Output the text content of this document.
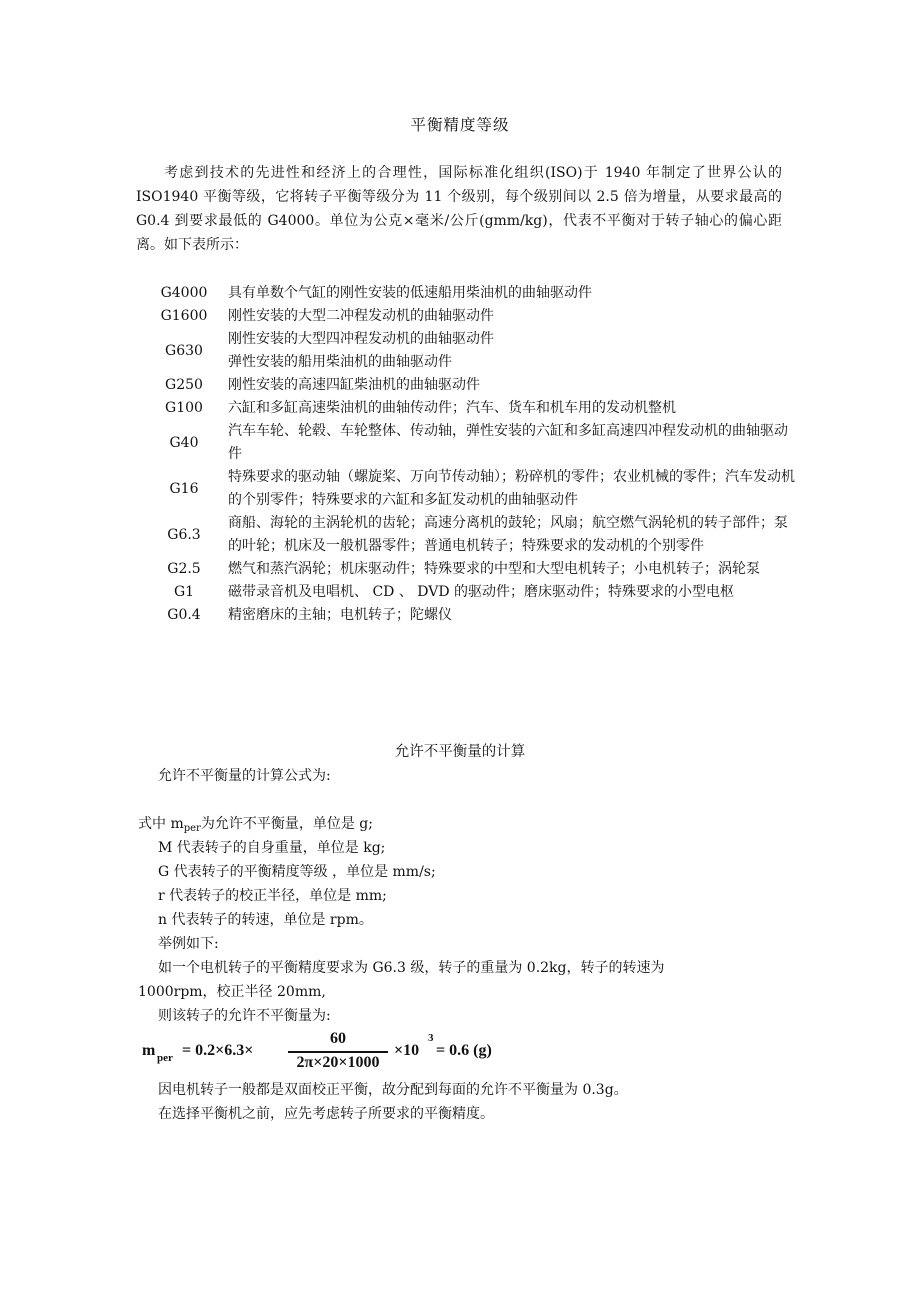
平衡精度等级

考虑到技术的先进性和经济上的合理性，国际标准化组织(ISO)于 1940 年制定了世界公认的 ISO1940 平衡等级，它将转子平衡等级分为 11 个级别，每个级别间以 2.5 倍为增量，从要求最高的 G0.4 到要求最低的 G4000。单位为公克×毫米/公斤(gmm/kg)，代表不平衡对于转子轴心的偏心距离。如下表所示：

G4000	具有单数个气缸的刚性安装的低速船用柴油机的曲轴驱动件
G1600	刚性安装的大型二冲程发动机的曲轴驱动件
G630	刚性安装的大型四冲程发动机的曲轴驱动件
弹性安装的船用柴油机的曲轴驱动件

G250	刚性安装的高速四缸柴油机的曲轴驱动件
G100	六缸和多缸高速柴油机的曲轴传动件；汽车、货车和机车用的发动机整机
G40	汽车车轮、轮毂、车轮整体、传动轴，弹性安装的六缸和多缸高速四冲程发动机的曲轴驱动件
G16	特殊要求的驱动轴（螺旋桨、万向节传动轴）；粉碎机的零件；农业机械的零件；汽车发动机的个别零件；特殊要求的六缸和多缸发动机的曲轴驱动件
G6.3	商船、海轮的主涡轮机的齿轮；高速分离机的鼓轮；风扇；航空燃气涡轮机的转子部件；泵的叶轮；机床及一般机器零件；普通电机转子；特殊要求的发动机的个别零件
G2.5	燃气和蒸汽涡轮；机床驱动件；特殊要求的中型和大型电机转子；小电机转子；涡轮泵
G1	磁带录音机及电唱机、 CD 、 DVD 的驱动件；磨床驱动件；特殊要求的小型电枢
G0.4	精密磨床的主轴；电机转子；陀螺仪
允许不平衡量的计算
允许不平衡量的计算公式为:
式中 $m_{per}$为允许不平衡量，单位是 g;
M 代表转子的自身重量，单位是 kg;
G 代表转子的平衡精度等级 ，单位是 mm/s;
r 代表转子的校正半径，单位是 mm;
n 代表转子的转速，单位是 rpm。
举例如下:
如一个电机转子的平衡精度要求为 G6.3 级，转子的重量为 0.2kg，转子的转速为
1000rpm，校正半径 20mm,
则该转子的允许不平衡量为:
m per = 0.2×6.3×
60
2π×20×1000
×10
3
= 0.6 (g)
因电机转子一般都是双面校正平衡，故分配到每面的允许不平衡量为 0.3g。
在选择平衡机之前，应先考虑转子所要求的平衡精度。
